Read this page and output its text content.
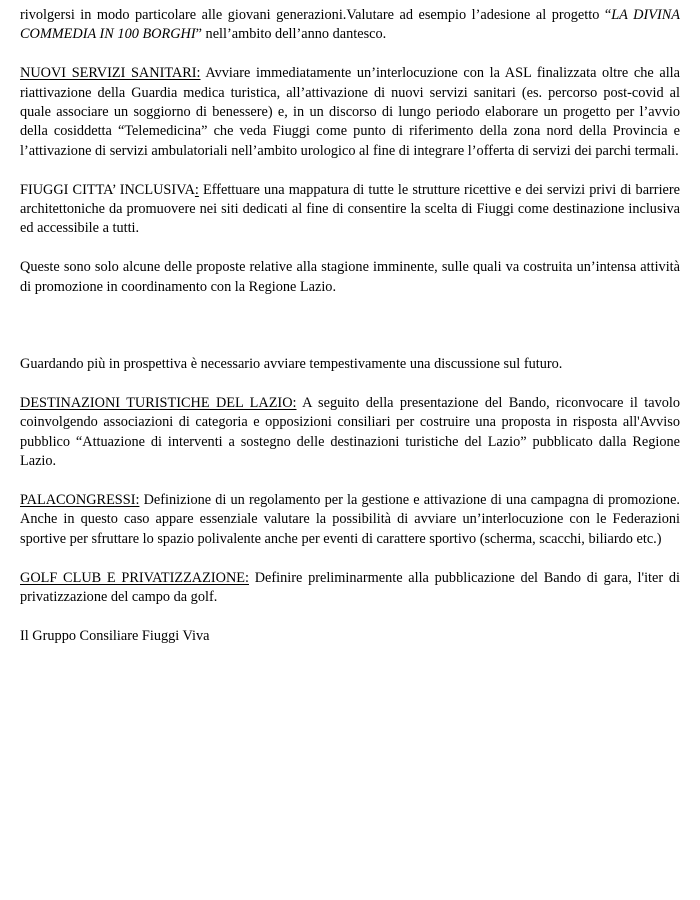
rivolgersi in modo particolare alle giovani generazioni.Valutare ad esempio l’adesione al progetto “LA DIVINA COMMEDIA IN 100 BORGHI” nell’ambito dell’anno dantesco.

NUOVI SERVIZI SANITARI: Avviare immediatamente un’interlocuzione con la ASL finalizzata oltre che alla riattivazione della Guardia medica turistica, all’attivazione di nuovi servizi sanitari (es. percorso post-covid al quale associare un soggiorno di benessere) e, in un discorso di lungo periodo elaborare un progetto per l’avvio della cosiddetta “Telemedicina” che veda Fiuggi come punto di riferimento della zona nord della Provincia e l’attivazione di servizi ambulatoriali nell’ambito urologico al fine di integrare l’offerta di servizi dei parchi termali.

FIUGGI CITTA’ INCLUSIVA: Effettuare una mappatura di tutte le strutture ricettive e dei servizi privi di barriere architettoniche da promuovere nei siti dedicati al fine di consentire la scelta di Fiuggi come destinazione inclusiva ed accessibile a tutti.

Queste sono solo alcune delle proposte relative alla stagione imminente, sulle quali va costruita un’intensa attività di promozione in coordinamento con la Regione Lazio.

Guardando più in prospettiva è necessario avviare tempestivamente una discussione sul futuro.

DESTINAZIONI TURISTICHE DEL LAZIO: A seguito della presentazione del Bando, riconvocare il tavolo coinvolgendo associazioni di categoria e opposizioni consiliari per costruire una proposta in risposta all'Avviso pubblico “Attuazione di interventi a sostegno delle destinazioni turistiche del Lazio” pubblicato dalla Regione Lazio.

PALACONGRESSI: Definizione di un regolamento per la gestione e attivazione di una campagna di promozione. Anche in questo caso appare essenziale valutare la possibilità di avviare un’interlocuzione con le Federazioni sportive per sfruttare lo spazio polivalente anche per eventi di carattere sportivo (scherma, scacchi, biliardo etc.)

GOLF CLUB E PRIVATIZZAZIONE: Definire preliminarmente alla pubblicazione del Bando di gara, l'iter di privatizzazione del campo da golf.

Il Gruppo Consiliare Fiuggi Viva
